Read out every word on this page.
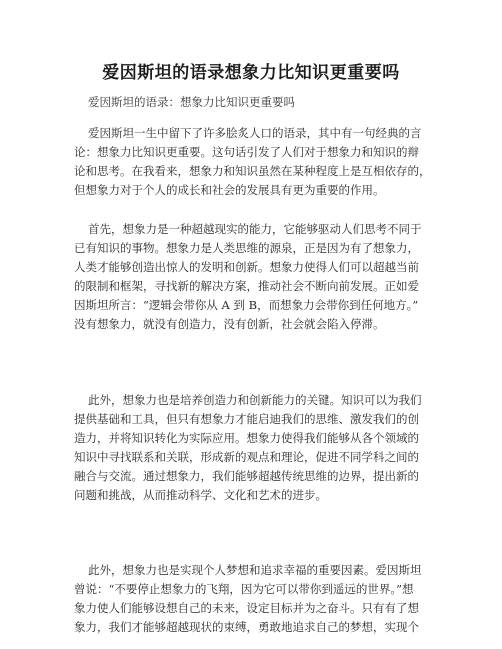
爱因斯坦的语录想象力比知识更重要吗
爱因斯坦的语录：想象力比知识更重要吗
爱因斯坦一生中留下了许多脍炙人口的语录，其中有一句经典的言
论：想象力比知识更重要。这句话引发了人们对于想象力和知识的辩
论和思考。在我看来，想象力和知识虽然在某种程度上是互相依存的，
但想象力对于个人的成长和社会的发展具有更为重要的作用。
首先，想象力是一种超越现实的能力，它能够驱动人们思考不同于
已有知识的事物。想象力是人类思维的源泉，正是因为有了想象力，
人类才能够创造出惊人的发明和创新。想象力使得人们可以超越当前
的限制和框架，寻找新的解决方案，推动社会不断向前发展。正如爱
因斯坦所言：“逻辑会带你从 A 到 B，而想象力会带你到任何地方。”
没有想象力，就没有创造力，没有创新，社会就会陷入停滞。
此外，想象力也是培养创造力和创新能力的关键。知识可以为我们
提供基础和工具，但只有想象力才能启迪我们的思维、激发我们的创
造力，并将知识转化为实际应用。想象力使得我们能够从各个领域的
知识中寻找联系和关联，形成新的观点和理论，促进不同学科之间的
融合与交流。通过想象力，我们能够超越传统思维的边界，提出新的
问题和挑战，从而推动科学、文化和艺术的进步。
此外，想象力也是实现个人梦想和追求幸福的重要因素。爱因斯坦
曾说：“不要停止想象力的飞翔，因为它可以带你到遥远的世界。”想
象力使人们能够设想自己的未来，设定目标并为之奋斗。只有有了想
象力，我们才能够超越现状的束缚，勇敢地追求自己的梦想，实现个
